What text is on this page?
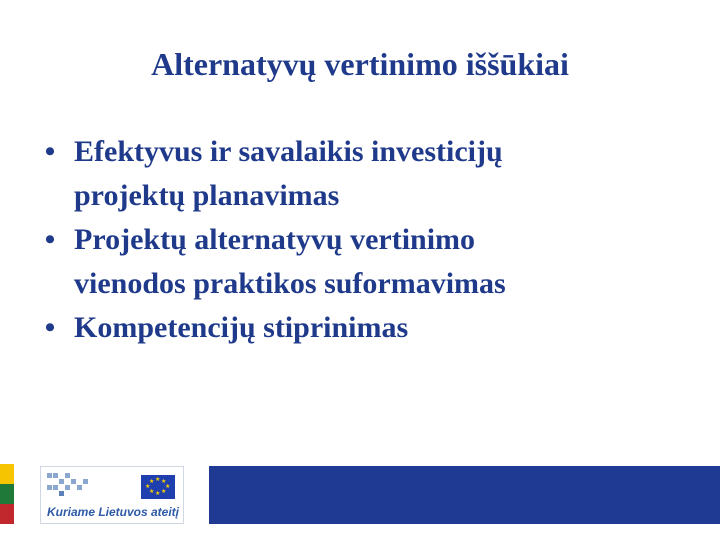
Alternatyvų vertinimo iššūkiai
• Efektyvus ir savalaikis investicijų
projektų planavimas
• Projektų alternatyvų vertinimo
vienodos praktikos suformavimas
• Kompetencijų stiprinimas
★ ★
★
★
★
★
★
★
Kuriame Lietuvos ateitį
